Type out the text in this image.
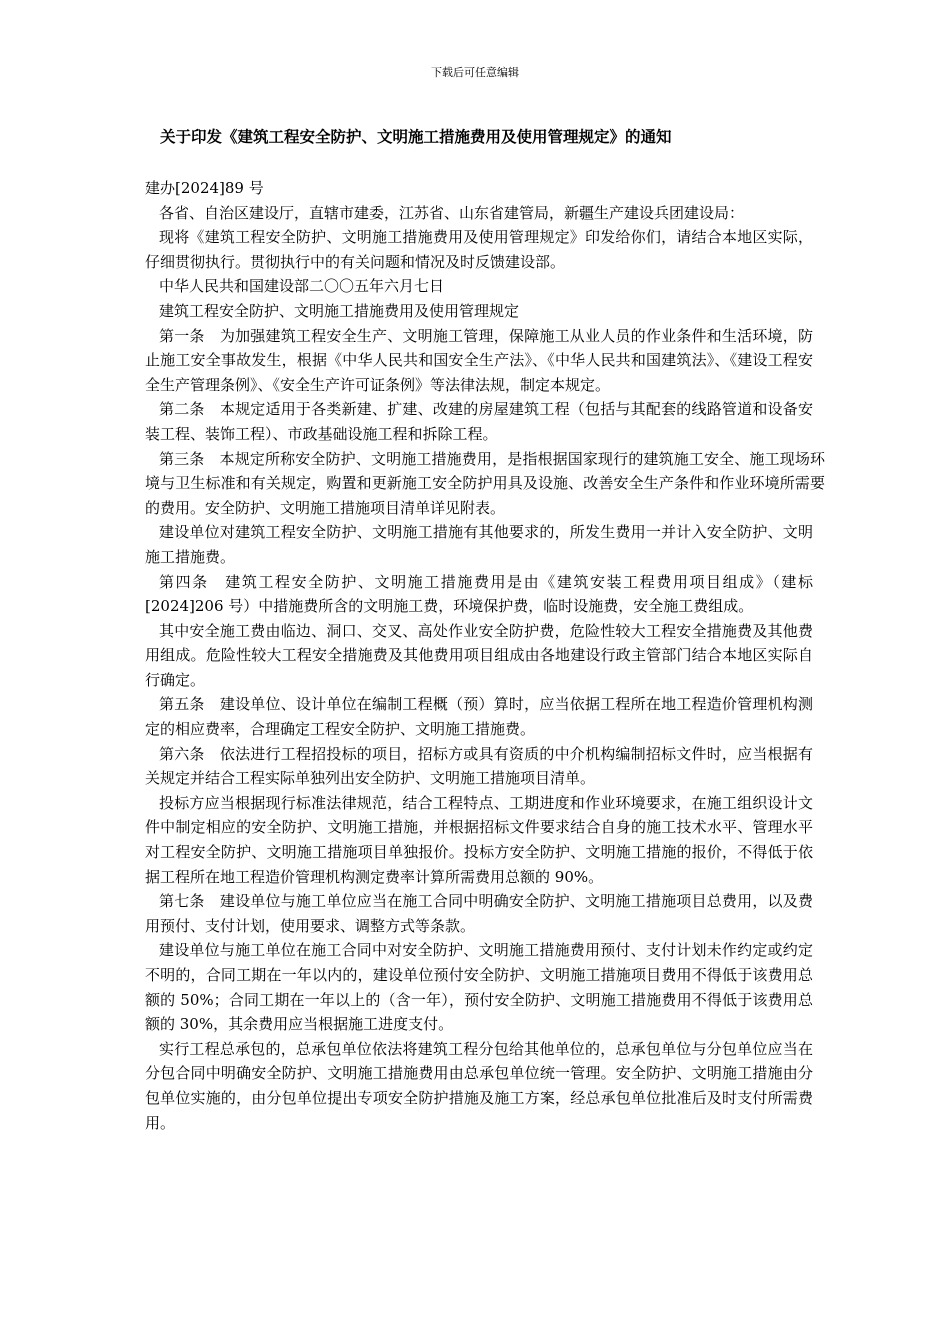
下载后可任意编辑
关于印发《建筑工程安全防护、文明施工措施费用及使用管理规定》的通知

建办[2024]89 号

各省、自治区建设厅，直辖市建委，江苏省、山东省建管局，新疆生产建设兵团建设局：

现将《建筑工程安全防护、文明施工措施费用及使用管理规定》印发给你们，请结合本地区实际，仔细贯彻执行。贯彻执行中的有关问题和情况及时反馈建设部。

中华人民共和国建设部二〇〇五年六月七日

建筑工程安全防护、文明施工措施费用及使用管理规定

第一条　为加强建筑工程安全生产、文明施工管理，保障施工从业人员的作业条件和生活环境，防止施工安全事故发生，根据《中华人民共和国安全生产法》、《中华人民共和国建筑法》、《建设工程安全生产管理条例》、《安全生产许可证条例》等法律法规，制定本规定。

第二条　本规定适用于各类新建、扩建、改建的房屋建筑工程（包括与其配套的线路管道和设备安装工程、装饰工程）、市政基础设施工程和拆除工程。

第三条　本规定所称安全防护、文明施工措施费用，是指根据国家现行的建筑施工安全、施工现场环境与卫生标准和有关规定，购置和更新施工安全防护用具及设施、改善安全生产条件和作业环境所需要的费用。安全防护、文明施工措施项目清单详见附表。

建设单位对建筑工程安全防护、文明施工措施有其他要求的，所发生费用一并计入安全防护、文明施工措施费。

第四条　建筑工程安全防护、文明施工措施费用是由《建筑安装工程费用项目组成》（建标[2024]206 号）中措施费所含的文明施工费，环境保护费，临时设施费，安全施工费组成。

其中安全施工费由临边、洞口、交叉、高处作业安全防护费，危险性较大工程安全措施费及其他费用组成。危险性较大工程安全措施费及其他费用项目组成由各地建设行政主管部门结合本地区实际自行确定。

第五条　建设单位、设计单位在编制工程概（预）算时，应当依据工程所在地工程造价管理机构测定的相应费率，合理确定工程安全防护、文明施工措施费。

第六条　依法进行工程招投标的项目，招标方或具有资质的中介机构编制招标文件时，应当根据有关规定并结合工程实际单独列出安全防护、文明施工措施项目清单。

投标方应当根据现行标准法律规范，结合工程特点、工期进度和作业环境要求，在施工组织设计文件中制定相应的安全防护、文明施工措施，并根据招标文件要求结合自身的施工技术水平、管理水平对工程安全防护、文明施工措施项目单独报价。投标方安全防护、文明施工措施的报价，不得低于依据工程所在地工程造价管理机构测定费率计算所需费用总额的 90%。

第七条　建设单位与施工单位应当在施工合同中明确安全防护、文明施工措施项目总费用，以及费用预付、支付计划，使用要求、调整方式等条款。

建设单位与施工单位在施工合同中对安全防护、文明施工措施费用预付、支付计划未作约定或约定不明的，合同工期在一年以内的，建设单位预付安全防护、文明施工措施项目费用不得低于该费用总额的 50%；合同工期在一年以上的（含一年），预付安全防护、文明施工措施费用不得低于该费用总额的 30%，其余费用应当根据施工进度支付。

实行工程总承包的，总承包单位依法将建筑工程分包给其他单位的，总承包单位与分包单位应当在分包合同中明确安全防护、文明施工措施费用由总承包单位统一管理。安全防护、文明施工措施由分包单位实施的，由分包单位提出专项安全防护措施及施工方案，经总承包单位批准后及时支付所需费用。
